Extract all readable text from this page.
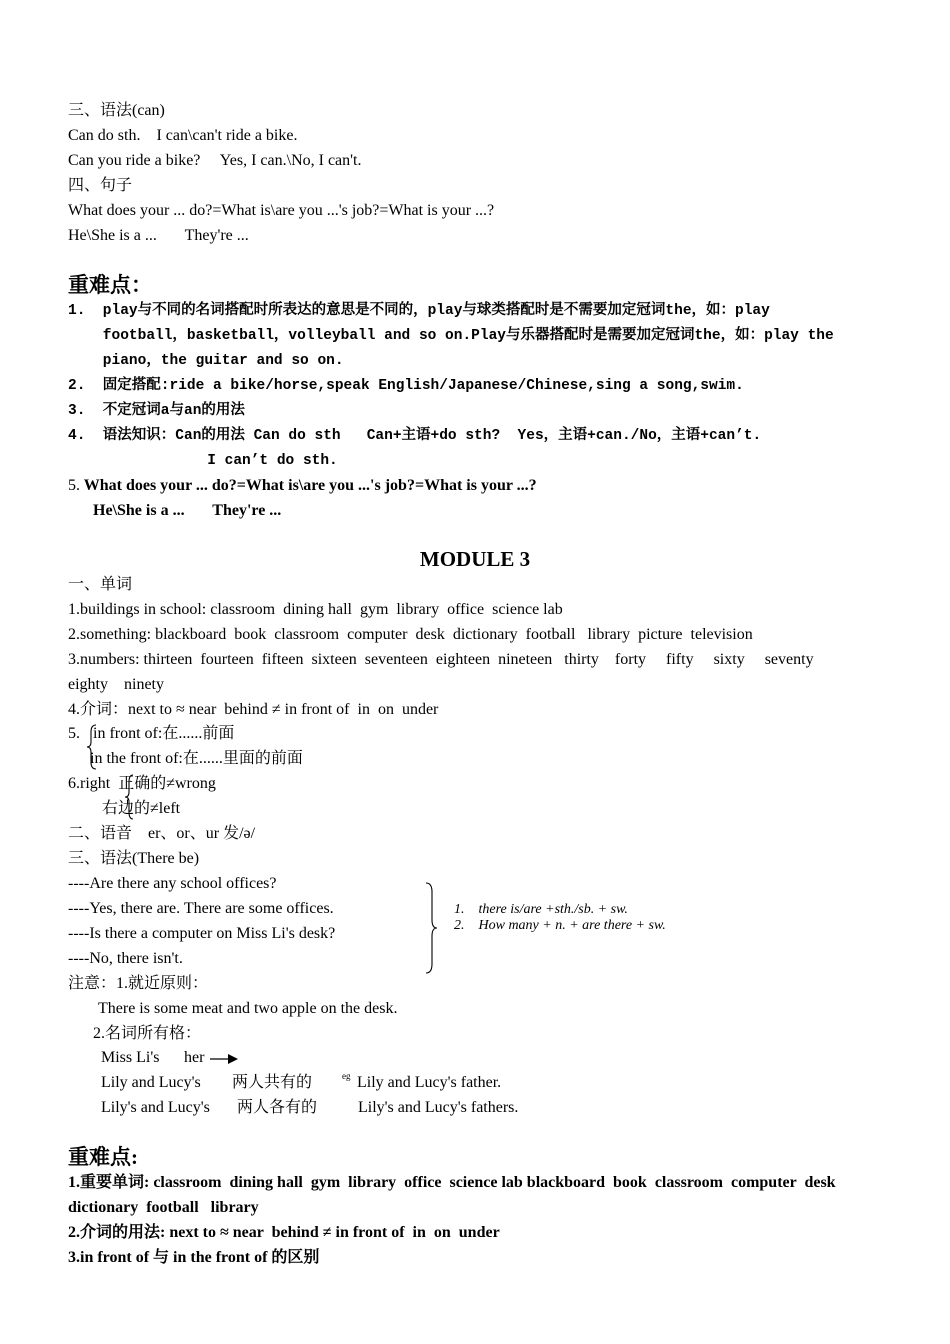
三、语法(can)
Can do sth.    I can\can't ride a bike.
Can you ride a bike?     Yes, I can.\No, I can't.
四、句子
What does your ... do?=What is\are you ...'s job?=What is your ...?
He\She is a ...       They're ...
重难点：
1.  play与不同的名词搭配时所表达的意思是不同的，play与球类搭配时是不需要加定冠词the，如：play
football，basketball，volleyball and so on.Play与乐器搭配时是需要加定冠词the，如：play the
piano，the guitar and so on.
2.  固定搭配:ride a bike/horse,speak English/Japanese/Chinese,sing a song,swim.
3.  不定冠词a与an的用法
4.  语法知识：Can的用法 Can do sth   Can+主语+do sth?  Yes，主语+can./No，主语+can’t.
I can’t do sth.
5. What does your ... do?=What is\are you ...'s job?=What is your ...?
He\She is a ...       They're ...
MODULE 3
一、单词
1.buildings in school: classroom  dining hall  gym  library  office  science lab
2.something: blackboard  book  classroom  computer  desk  dictionary  football   library  picture  television
3.numbers: thirteen  fourteen  fifteen  sixteen  seventeen  eighteen  nineteen   thirty    forty     fifty     sixty     seventy
eighty    ninety
4.介词：next to ≈ near  behind ≠ in front of  in  on  under
5. in front of:在......前面
in the front of:在......里面的前面
6.right  正确的≠wrong
右边的≠left
二、语音    er、or、ur 发/ə/
三、语法(There be)
----Are there any school offices?
----Yes, there are. There are some offices.
----Is there a computer on Miss Li's desk?
----No, there isn't.
1.    there is/are +sth./sb. + sw.
2.    How many + n. + are there + sw.
注意：1.就近原则：
There is some meat and two apple on the desk.
2.名词所有格：
Miss Li's her
Lily and Lucy's 两人共有的	eg Lily and Lucy's father.
Lily's and Lucy's 两人各有的	Lily's and Lucy's fathers.
重难点:
1.重要单词: classroom  dining hall  gym  library  office  science lab blackboard  book  classroom  computer  desk
dictionary  football   library
2.介词的用法: next to ≈ near  behind ≠ in front of  in  on  under
3.in front of 与 in the front of 的区别
